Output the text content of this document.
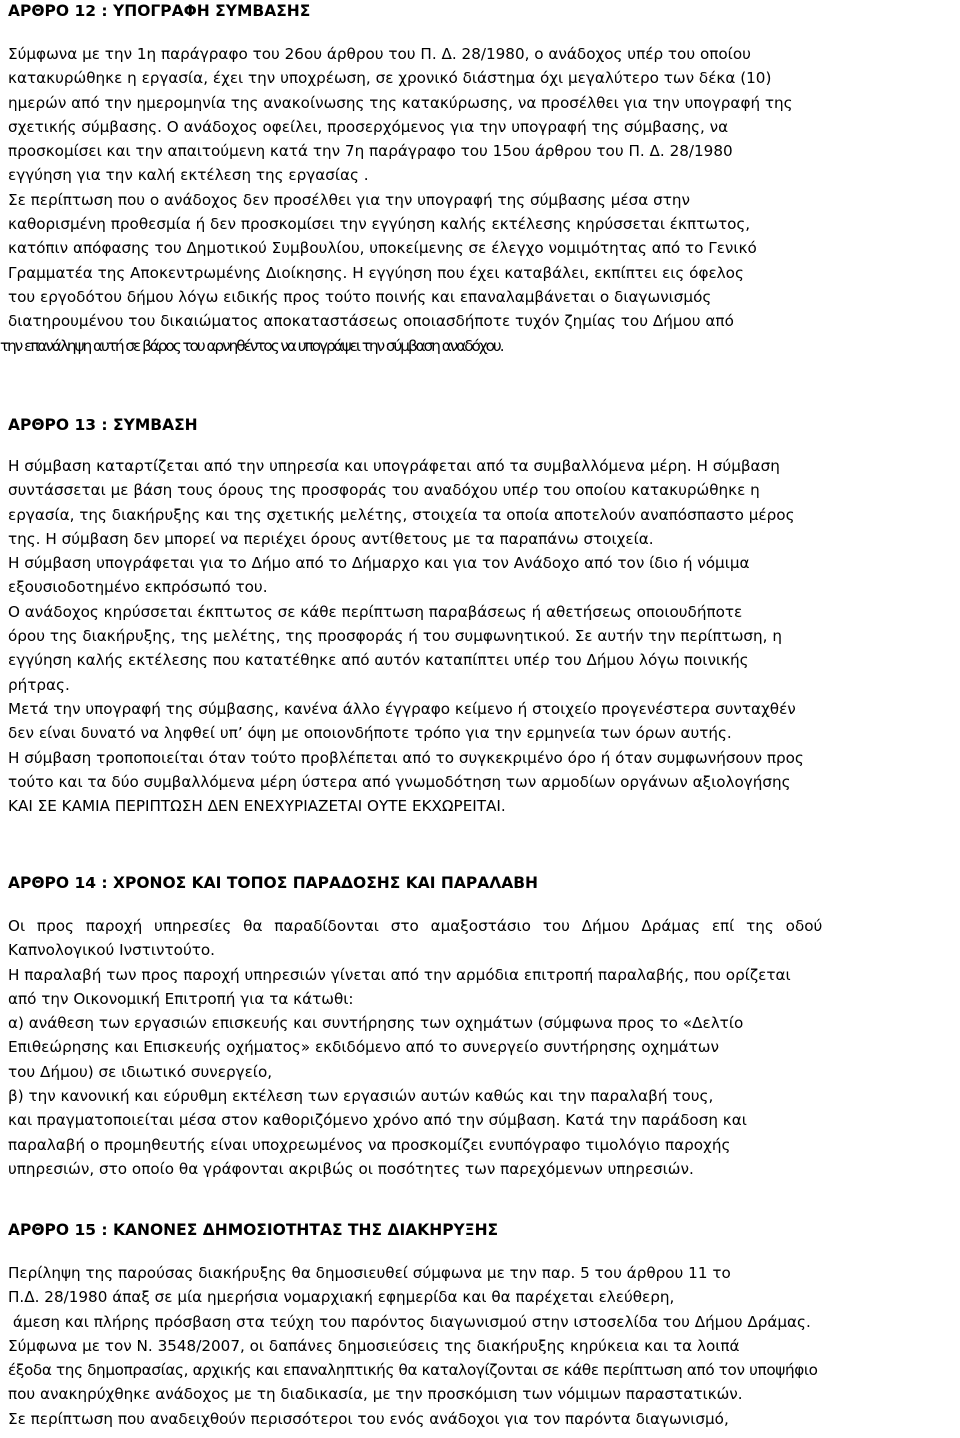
ΑΡΘΡΟ 12 : ΥΠΟΓΡΑΦΗ ΣΥΜΒΑΣΗΣ
Σύμφωνα με την 1η παράγραφο του 26ου άρθρου του Π. Δ. 28/1980, ο ανάδοχος υπέρ του οποίου
κατακυρώθηκε η εργασία, έχει την υποχρέωση, σε χρονικό διάστημα όχι μεγαλύτερο των δέκα (10)
ημερών από την ημερομηνία της ανακοίνωσης της κατακύρωσης, να προσέλθει για την υπογραφή της
σχετικής σύμβασης. Ο ανάδοχος οφείλει, προσερχόμενος για την υπογραφή της σύμβασης, να
προσκομίσει και την απαιτούμενη κατά την 7η παράγραφο του 15ου άρθρου του Π. Δ. 28/1980
εγγύηση για την καλή εκτέλεση της εργασίας .
Σε περίπτωση που ο ανάδοχος δεν προσέλθει για την υπογραφή της σύμβασης μέσα στην
καθορισμένη προθεσμία ή δεν προσκομίσει την εγγύηση καλής εκτέλεσης κηρύσσεται έκπτωτος,
κατόπιν απόφασης του Δημοτικού Συμβουλίου, υποκείμενης σε έλεγχο νομιμότητας από το Γενικό
Γραμματέα της Αποκεντρωμένης Διοίκησης. Η εγγύηση που έχει καταβάλει, εκπίπτει εις όφελος
του εργοδότου δήμου λόγω ειδικής προς τούτο ποινής και επαναλαμβάνεται ο διαγωνισμός
διατηρουμένου του δικαιώματος αποκαταστάσεως οποιασδήποτε τυχόν ζημίας του Δήμου από
την επανάληψη αυτή σε βάρος του αρνηθέντος να υπογράψει την σύμβαση αναδόχου.
ΑΡΘΡΟ 13 : ΣΥΜΒΑΣΗ
Η σύμβαση καταρτίζεται από την υπηρεσία και υπογράφεται από τα συμβαλλόμενα μέρη. Η σύμβαση
συντάσσεται με βάση τους όρους της προσφοράς του αναδόχου υπέρ του οποίου κατακυρώθηκε η
εργασία, της διακήρυξης και της σχετικής μελέτης, στοιχεία τα οποία αποτελούν αναπόσπαστο μέρος
της. Η σύμβαση δεν μπορεί να περιέχει όρους αντίθετους με τα παραπάνω στοιχεία.
Η σύμβαση υπογράφεται για το Δήμο από το Δήμαρχο και για τον Ανάδοχο από τον ίδιο ή νόμιμα
εξουσιοδοτημένο εκπρόσωπό του.
Ο ανάδοχος κηρύσσεται έκπτωτος σε κάθε περίπτωση παραβάσεως ή αθετήσεως οποιουδήποτε
όρου της διακήρυξης, της μελέτης, της προσφοράς ή του συμφωνητικού. Σε αυτήν την περίπτωση, η
εγγύηση καλής εκτέλεσης που κατατέθηκε από αυτόν καταπίπτει υπέρ του Δήμου λόγω ποινικής
ρήτρας.
Μετά την υπογραφή της σύμβασης, κανένα άλλο έγγραφο κείμενο ή στοιχείο προγενέστερα συνταχθέν
δεν είναι δυνατό να ληφθεί υπ’ όψη με οποιονδήποτε τρόπο για την ερμηνεία των όρων αυτής.
Η σύμβαση τροποποιείται όταν τούτο προβλέπεται από το συγκεκριμένο όρο ή όταν συμφωνήσουν προς
τούτο και τα δύο συμβαλλόμενα μέρη ύστερα από γνωμοδότηση των αρμοδίων οργάνων αξιολογήσης
ΚΑΙ ΣΕ ΚΑΜΙΑ ΠΕΡΙΠΤΩΣΗ ΔΕΝ ΕΝΕΧΥΡΙΑΖΕΤΑΙ ΟΥΤΕ ΕΚΧΩΡΕΙΤΑΙ.
ΑΡΘΡΟ 14 : ΧΡΟΝΟΣ ΚΑΙ ΤΟΠΟΣ ΠΑΡΑΔΟΣΗΣ ΚΑΙ ΠΑΡΑΛΑΒΗ
Οι προς παροχή υπηρεσίες θα παραδίδονται στο αμαξοστάσιο του Δήμου Δράμας επί της οδού
Καπνολογικού Ινστιντούτο.
Η παραλαβή των προς παροχή υπηρεσιών γίνεται από την αρμόδια επιτροπή παραλαβής, που ορίζεται
από την Οικονομική Επιτροπή για τα κάτωθι:
α) ανάθεση των εργασιών επισκευής και συντήρησης των οχημάτων (σύμφωνα προς το «Δελτίο
Επιθεώρησης και Επισκευής οχήματος» εκδιδόμενο από το συνεργείο συντήρησης οχημάτων
του Δήμου) σε ιδιωτικό συνεργείο,
β) την κανονική και εύρυθμη εκτέλεση των εργασιών αυτών καθώς και την παραλαβή τους,
και πραγματοποιείται μέσα στον καθοριζόμενο χρόνο από την σύμβαση. Κατά την παράδοση και
παραλαβή ο προμηθευτής είναι υποχρεωμένος να προσκομίζει ενυπόγραφο τιμολόγιο παροχής
υπηρεσιών, στο οποίο θα γράφονται ακριβώς οι ποσότητες των παρεχόμενων υπηρεσιών.
ΑΡΘΡΟ 15 : ΚΑΝΟΝΕΣ ΔΗΜΟΣΙΟΤΗΤΑΣ ΤΗΣ ΔΙΑΚΗΡΥΞΗΣ
Περίληψη της παρούσας διακήρυξης θα δημοσιευθεί σύμφωνα με την παρ. 5 του άρθρου 11 το
Π.Δ. 28/1980 άπαξ σε μία ημερήσια νομαρχιακή εφημερίδα και θα παρέχεται ελεύθερη,
άμεση και πλήρης πρόσβαση στα τεύχη του παρόντος διαγωνισμού στην ιστοσελίδα του Δήμου Δράμας.
Σύμφωνα με τον Ν. 3548/2007, οι δαπάνες δημοσιεύσεις της διακήρυξης κηρύκεια και τα λοιπά
έξοδα της δημοπρασίας, αρχικής και επαναληπτικής θα καταλογίζονται σε κάθε περίπτωση από τον υποψήφιο
που ανακηρύχθηκε ανάδοχος με τη διαδικασία, με την προσκόμιση των νόμιμων παραστατικών.
Σε περίπτωση που αναδειχθούν περισσότεροι του ενός ανάδοχοι για τον παρόντα διαγωνισμό,
